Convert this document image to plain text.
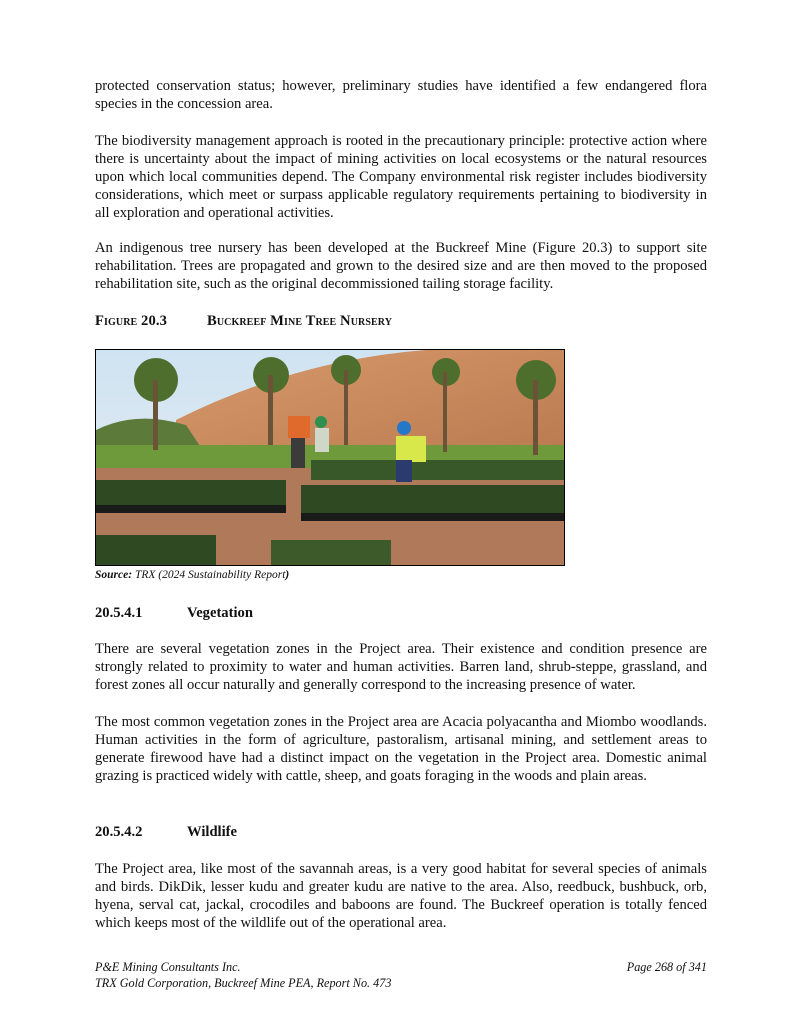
protected conservation status; however, preliminary studies have identified a few endangered flora species in the concession area.

The biodiversity management approach is rooted in the precautionary principle: protective action where there is uncertainty about the impact of mining activities on local ecosystems or the natural resources upon which local communities depend. The Company environmental risk register includes biodiversity considerations, which meet or surpass applicable regulatory requirements pertaining to biodiversity in all exploration and operational activities.

An indigenous tree nursery has been developed at the Buckreef Mine (Figure 20.3) to support site rehabilitation. Trees are propagated and grown to the desired size and are then moved to the proposed rehabilitation site, such as the original decommissioned tailing storage facility.

Figure 20.3	Buckreef Mine Tree Nursery
Source: TRX (2024 Sustainability Report)
20.5.4.1	Vegetation

There are several vegetation zones in the Project area. Their existence and condition presence are strongly related to proximity to water and human activities. Barren land, shrub-steppe, grassland, and forest zones all occur naturally and generally correspond to the increasing presence of water.

The most common vegetation zones in the Project area are Acacia polyacantha and Miombo woodlands. Human activities in the form of agriculture, pastoralism, artisanal mining, and settlement areas to generate firewood have had a distinct impact on the vegetation in the Project area. Domestic animal grazing is practiced widely with cattle, sheep, and goats foraging in the woods and plain areas.

20.5.4.2	Wildlife

The Project area, like most of the savannah areas, is a very good habitat for several species of animals and birds. DikDik, lesser kudu and greater kudu are native to the area. Also, reedbuck, bushbuck, orb, hyena, serval cat, jackal, crocodiles and baboons are found. The Buckreef operation is totally fenced which keeps most of the wildlife out of the operational area.

P&E Mining Consultants Inc.
TRX Gold Corporation, Buckreef Mine PEA, Report No. 473
Page 268 of 341
